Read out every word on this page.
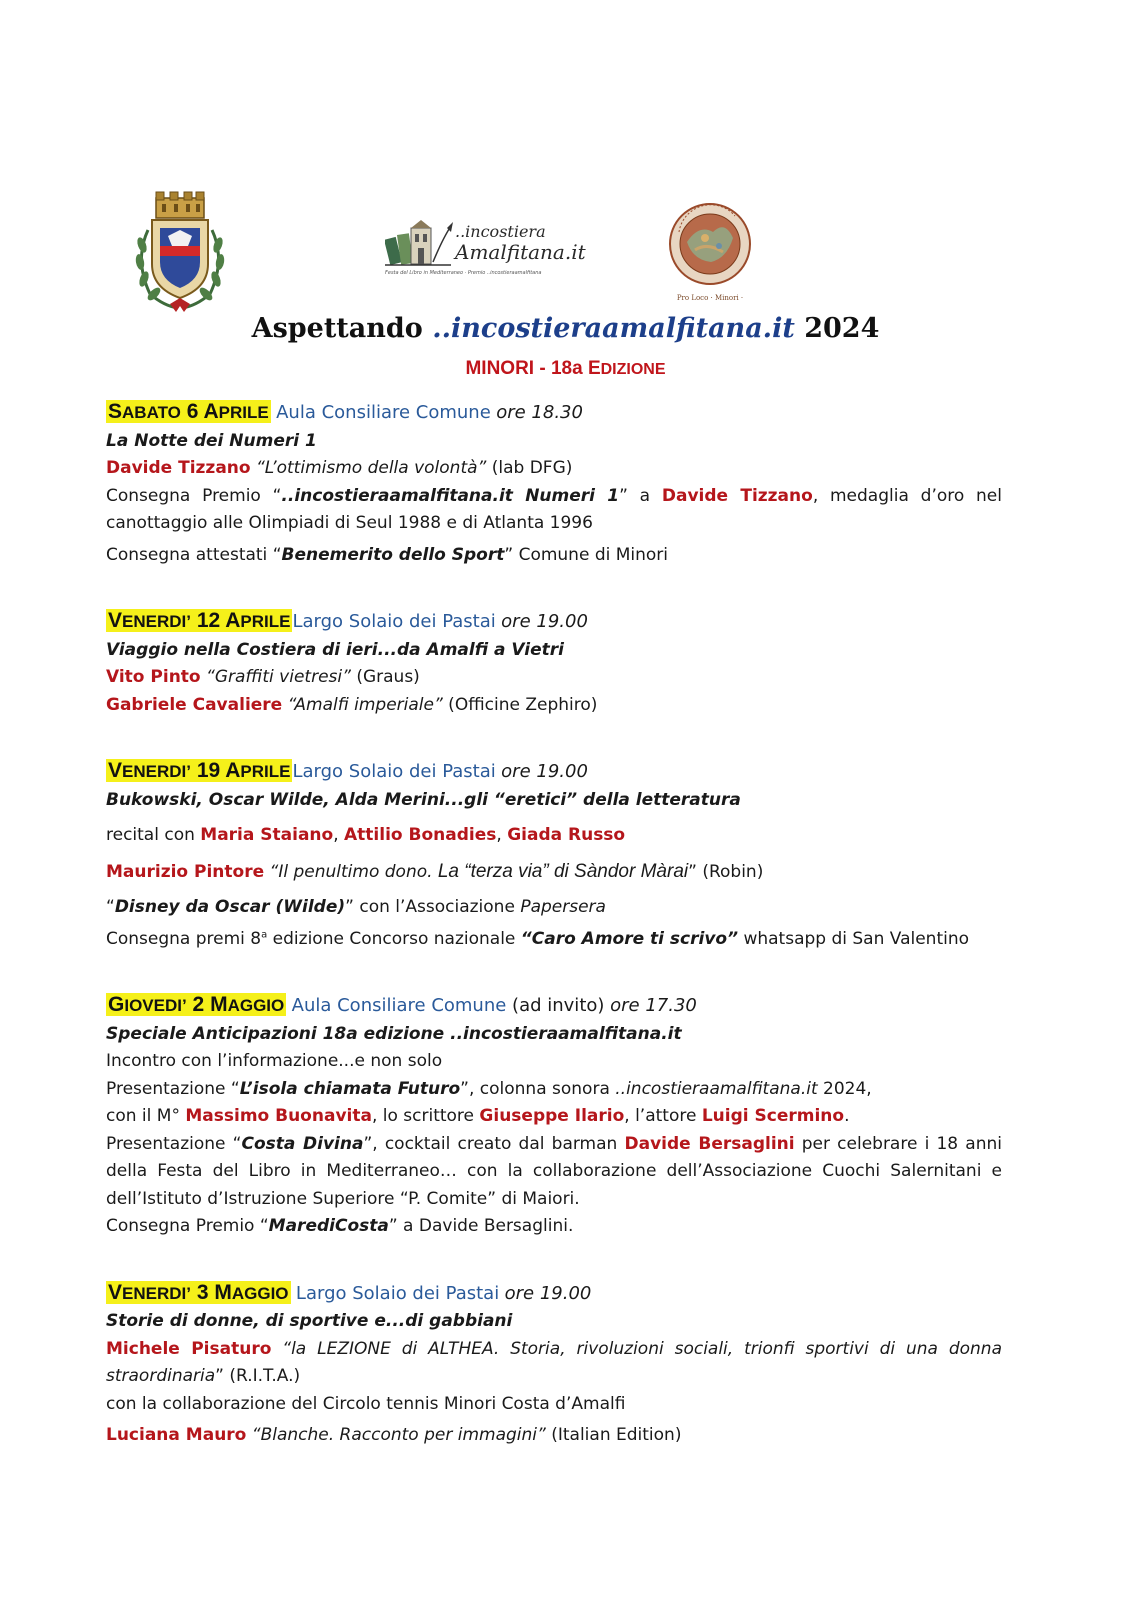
..incostiera
Amalfitana.it
Festa del Libro in Mediterraneo · Premio ..incostieraamalfitana
Pro Loco · Minori ·
Aspettando ..incostieraamalfitana.it 2024
MINORI - 18a EDIZIONE
SABATO 6 APRILE Aula Consiliare Comune ore 18.30
La Notte dei Numeri 1
Davide Tizzano “L’ottimismo della volontà” (lab DFG)
Consegna Premio “..incostieraamalfitana.it Numeri 1” a Davide Tizzano, medaglia d’oro nel canottaggio alle Olimpiadi di Seul 1988 e di Atlanta 1996
Consegna attestati “Benemerito dello Sport” Comune di Minori
VENERDI’ 12 APRILE Largo Solaio dei Pastai ore 19.00
Viaggio nella Costiera di ieri...da Amalfi a Vietri
Vito Pinto “Graffiti vietresi” (Graus)
Gabriele Cavaliere “Amalfi imperiale” (Officine Zephiro)
VENERDI’ 19 APRILE Largo Solaio dei Pastai ore 19.00
Bukowski, Oscar Wilde, Alda Merini...gli “eretici” della letteratura
recital con Maria Staiano, Attilio Bonadies, Giada Russo
Maurizio Pintore “Il penultimo dono. La “terza via” di Sàndor Màrai” (Robin)
“Disney da Oscar (Wilde)” con l’Associazione Papersera
Consegna premi 8$^a$ edizione Concorso nazionale “Caro Amore ti scrivo” whatsapp di San Valentino
GIOVEDI’ 2 MAGGIO Aula Consiliare Comune (ad invito) ore 17.30
Speciale Anticipazioni 18a edizione ..incostieraamalfitana.it
Incontro con l’informazione...e non solo
Presentazione “L’isola chiamata Futuro”, colonna sonora ..incostieraamalfitana.it 2024,
con il M° Massimo Buonavita, lo scrittore Giuseppe Ilario, l’attore Luigi Scermino.
Presentazione “Costa Divina”, cocktail creato dal barman Davide Bersaglini per celebrare i 18 anni della Festa del Libro in Mediterraneo… con la collaborazione dell’Associazione Cuochi Salernitani e dell’Istituto d’Istruzione Superiore “P. Comite” di Maiori.
Consegna Premio “MarediCosta” a Davide Bersaglini.
VENERDI’ 3 MAGGIO Largo Solaio dei Pastai ore 19.00
Storie di donne, di sportive e...di gabbiani
Michele Pisaturo “la LEZIONE di ALTHEA. Storia, rivoluzioni sociali, trionfi sportivi di una donna straordinaria” (R.I.T.A.)
con la collaborazione del Circolo tennis Minori Costa d’Amalfi
Luciana Mauro “Blanche. Racconto per immagini” (Italian Edition)
